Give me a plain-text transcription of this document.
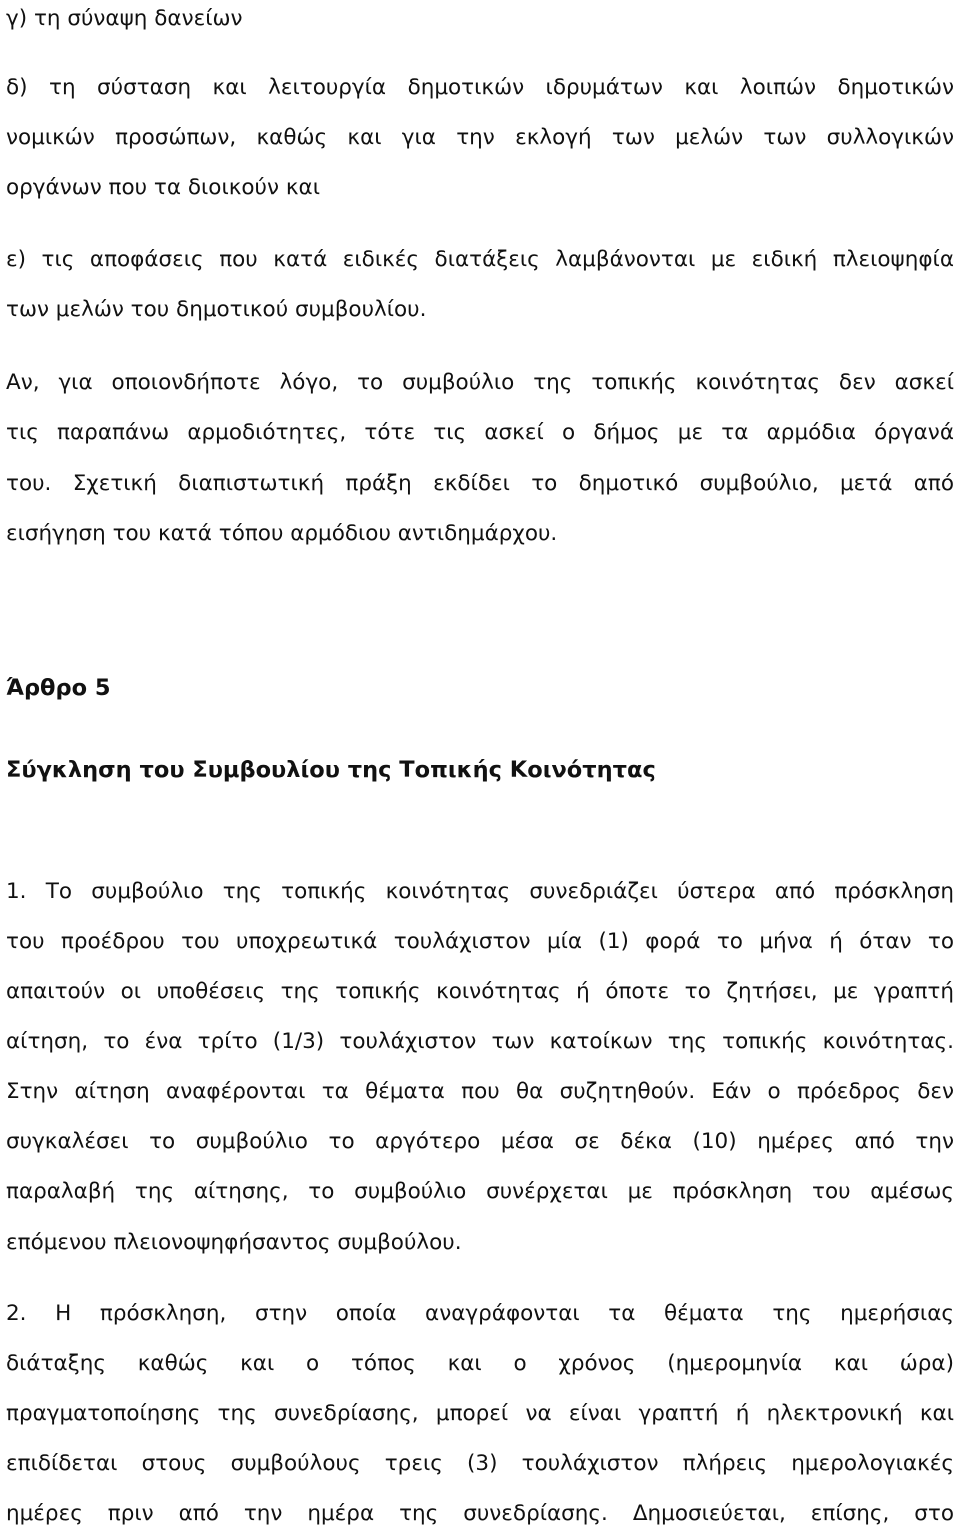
γ) τη σύναψη δανείων
δ) τη σύσταση και λειτουργία δημοτικών ιδρυμάτων και λοιπών δημοτικών
νομικών προσώπων, καθώς και για την εκλογή των μελών των συλλογικών
οργάνων που τα διοικούν και
ε) τις αποφάσεις που κατά ειδικές διατάξεις λαμβάνονται με ειδική πλειοψηφία
των μελών του δημοτικού συμβουλίου.
Αν, για οποιονδήποτε λόγο, το συμβούλιο της τοπικής κοινότητας δεν ασκεί
τις παραπάνω αρμοδιότητες, τότε τις ασκεί ο δήμος με τα αρμόδια όργανά
του. Σχετική διαπιστωτική πράξη εκδίδει το δημοτικό συμβούλιο, μετά από
εισήγηση του κατά τόπου αρμόδιου αντιδημάρχου.
Άρθρο 5
Σύγκληση του Συμβουλίου της Τοπικής Κοινότητας
1. Το συμβούλιο της τοπικής κοινότητας συνεδριάζει ύστερα από πρόσκληση
του προέδρου του υποχρεωτικά τουλάχιστον μία (1) φορά το μήνα ή όταν το
απαιτούν οι υποθέσεις της τοπικής κοινότητας ή όποτε το ζητήσει, με γραπτή
αίτηση, το ένα τρίτο (1/3) τουλάχιστον των κατοίκων της τοπικής κοινότητας.
Στην αίτηση αναφέρονται τα θέματα που θα συζητηθούν. Εάν ο πρόεδρος δεν
συγκαλέσει το συμβούλιο το αργότερο μέσα σε δέκα (10) ημέρες από την
παραλαβή της αίτησης, το συμβούλιο συνέρχεται με πρόσκληση του αμέσως
επόμενου πλειονοψηφήσαντος συμβούλου.
2. Η πρόσκληση, στην οποία αναγράφονται τα θέματα της ημερήσιας
διάταξης καθώς και ο τόπος και ο χρόνος (ημερομηνία και ώρα)
πραγματοποίησης της συνεδρίασης, μπορεί να είναι γραπτή ή ηλεκτρονική και
επιδίδεται στους συμβούλους τρεις (3) τουλάχιστον πλήρεις ημερολογιακές
ημέρες πριν από την ημέρα της συνεδρίασης. Δημοσιεύεται, επίσης, στο
